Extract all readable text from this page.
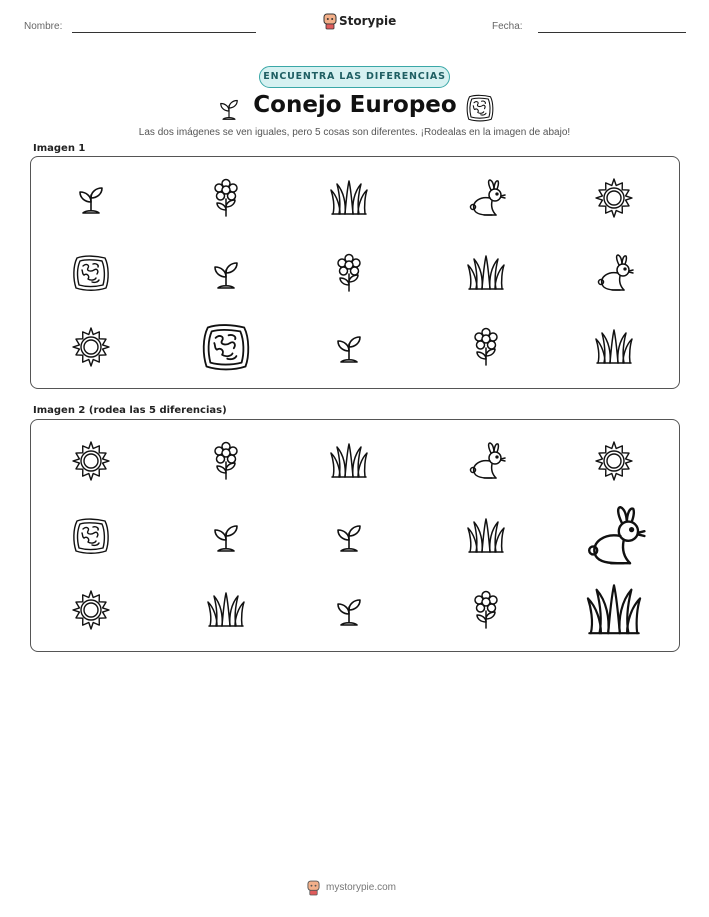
Nombre:	Storypie	Fecha:
ENCUENTRA LAS DIFERENCIAS
Conejo Europeo
Las dos imágenes se ven iguales, pero 5 cosas son diferentes. ¡Rodealas en la imagen de abajo!
Imagen 1
Imagen 2 (rodea las 5 diferencias)
mystorypie.com
